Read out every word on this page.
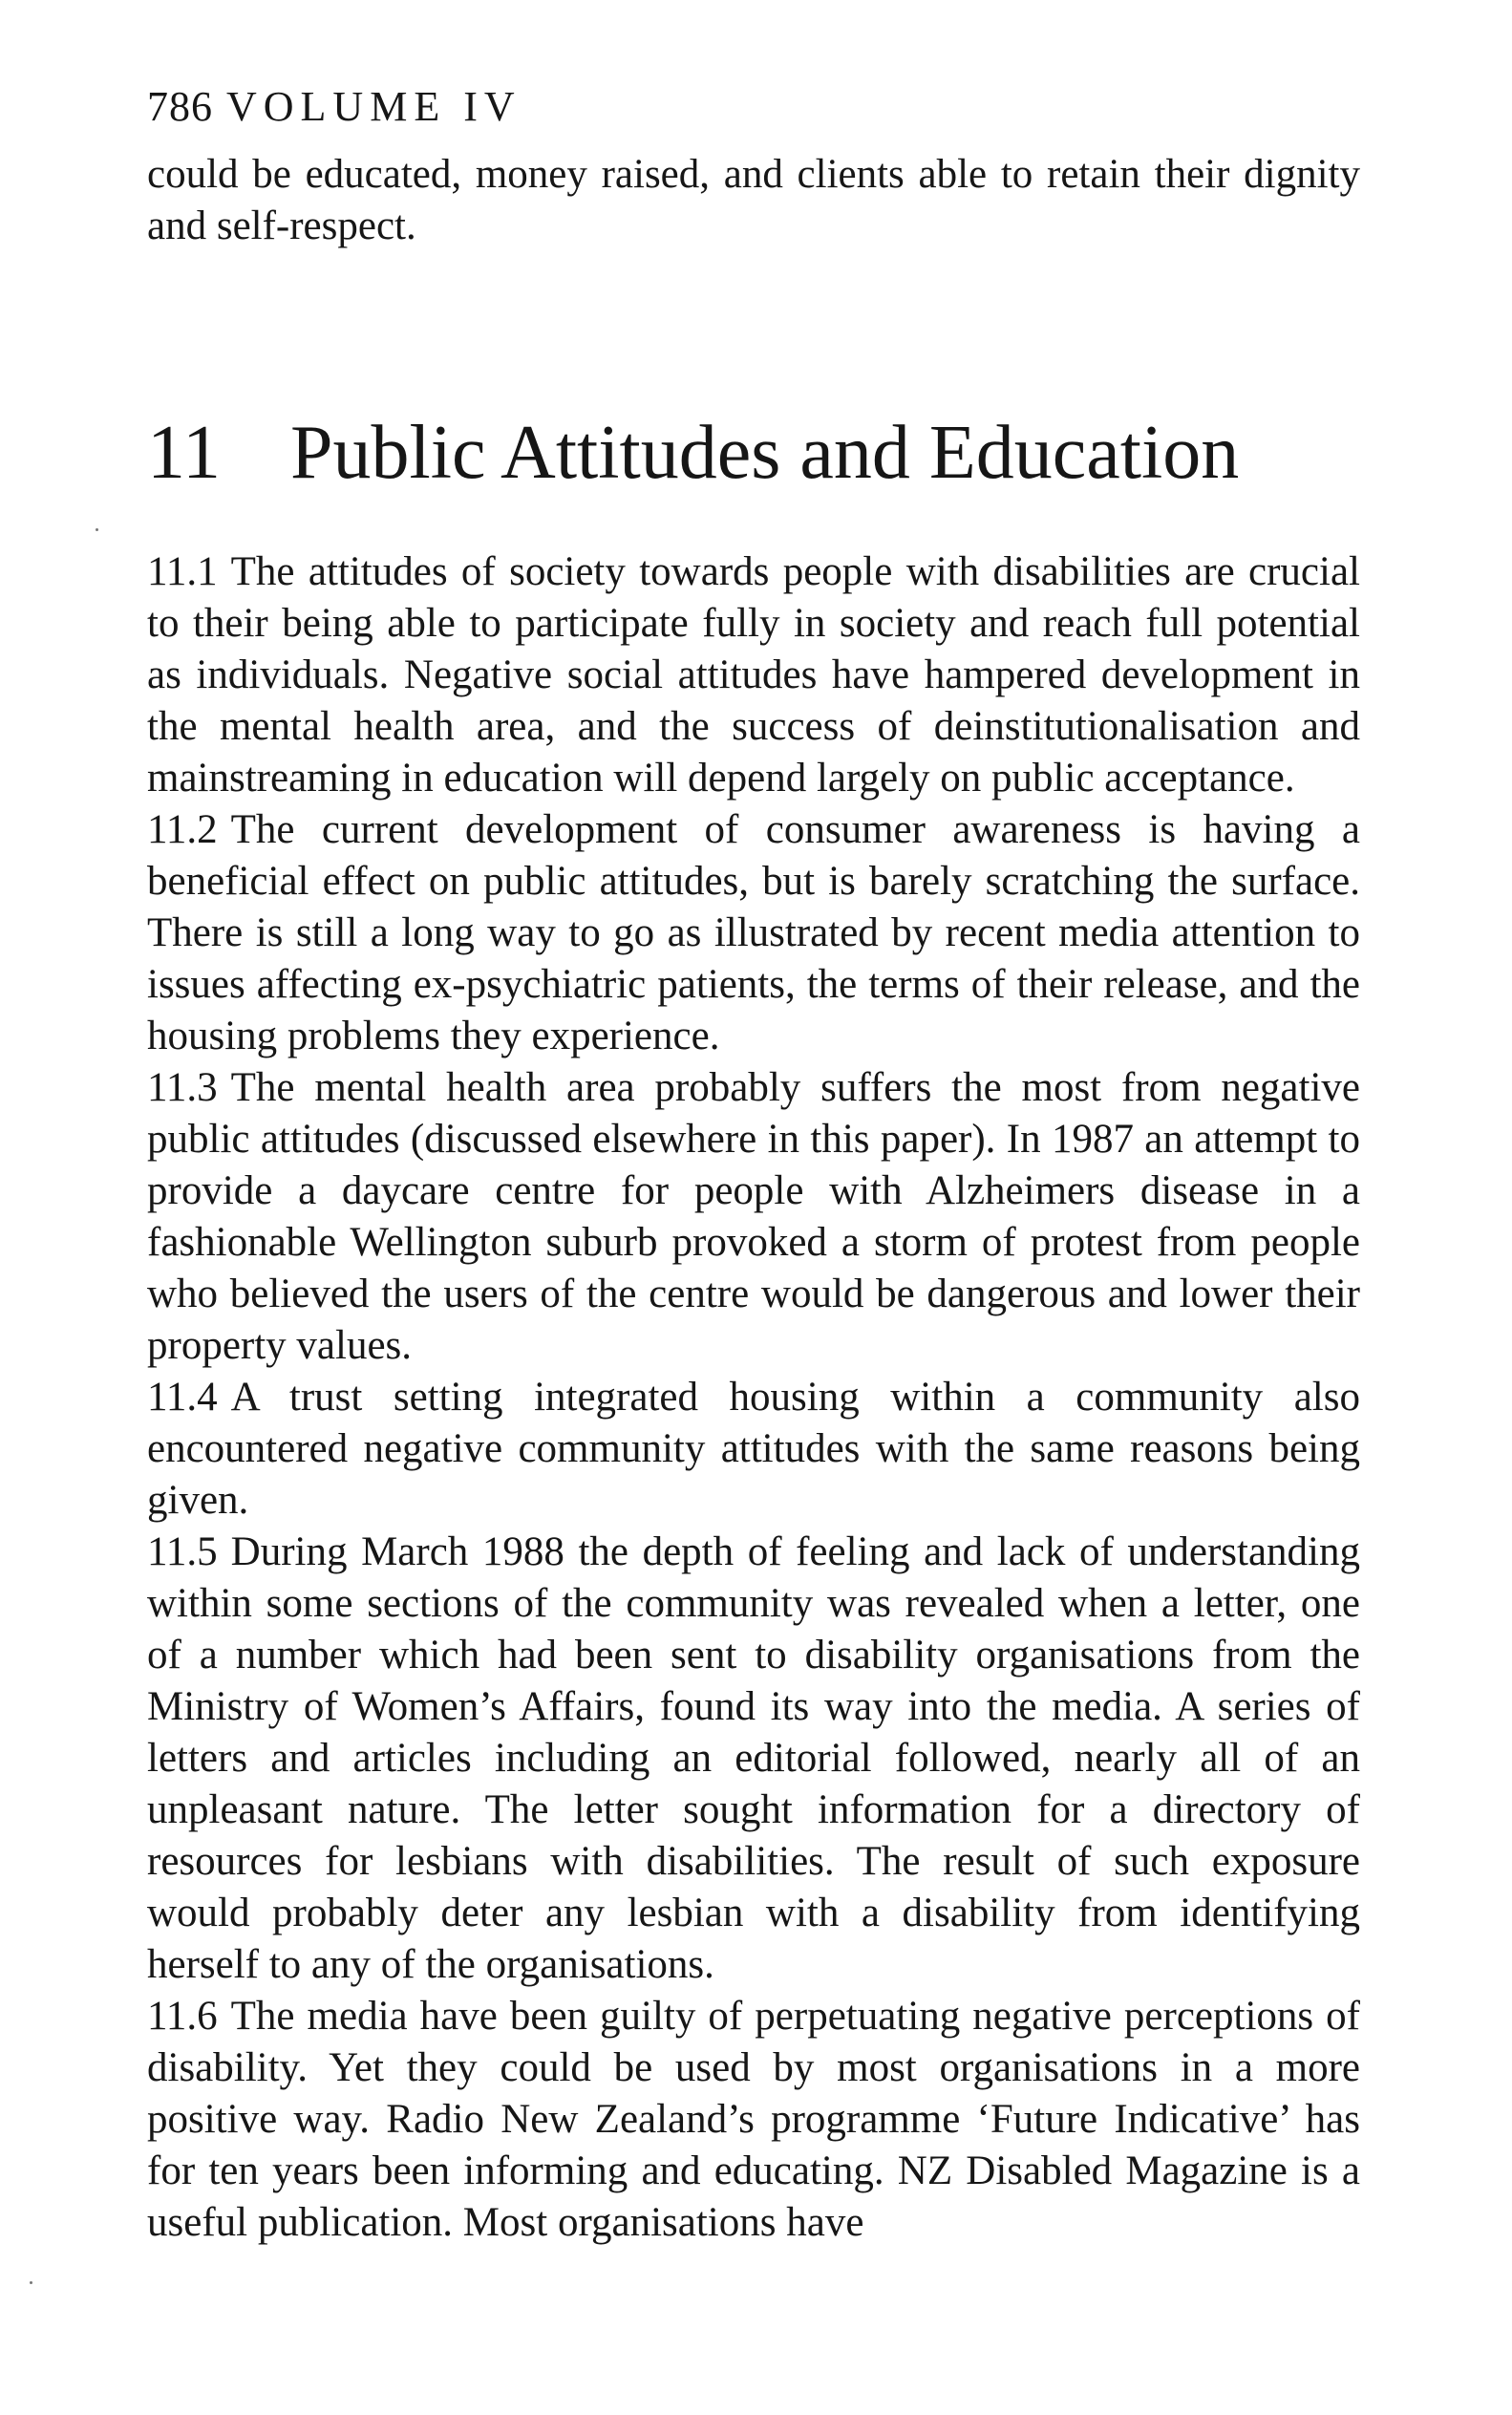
786 VOLUME IV

could be educated, money raised, and clients able to retain their dignity and self-respect.

11 Public Attitudes and Education

11.1 The attitudes of society towards people with disabilities are crucial to their being able to participate fully in society and reach full potential as individuals. Negative social attitudes have hampered development in the mental health area, and the success of deinstitutionalisation and mainstreaming in education will depend largely on public acceptance.

11.2 The current development of consumer awareness is having a beneficial effect on public attitudes, but is barely scratching the surface. There is still a long way to go as illustrated by recent media attention to issues affecting ex-psychiatric patients, the terms of their release, and the housing problems they experience.

11.3 The mental health area probably suffers the most from negative public attitudes (discussed elsewhere in this paper). In 1987 an attempt to provide a daycare centre for people with Alzheimers disease in a fashionable Wellington suburb provoked a storm of protest from people who believed the users of the centre would be dangerous and lower their property values.

11.4 A trust setting integrated housing within a community also encountered negative community attitudes with the same reasons being given.

11.5 During March 1988 the depth of feeling and lack of understanding within some sections of the community was revealed when a letter, one of a number which had been sent to disability organisations from the Ministry of Women’s Affairs, found its way into the media. A series of letters and articles including an editorial followed, nearly all of an unpleasant nature. The letter sought information for a directory of resources for lesbians with disabilities. The result of such exposure would probably deter any lesbian with a disability from identifying herself to any of the organisations.

11.6 The media have been guilty of perpetuating negative perceptions of disability. Yet they could be used by most organisations in a more positive way. Radio New Zealand’s programme ‘Future Indicative’ has for ten years been informing and educating. NZ Disabled Magazine is a useful publication. Most organisations have
